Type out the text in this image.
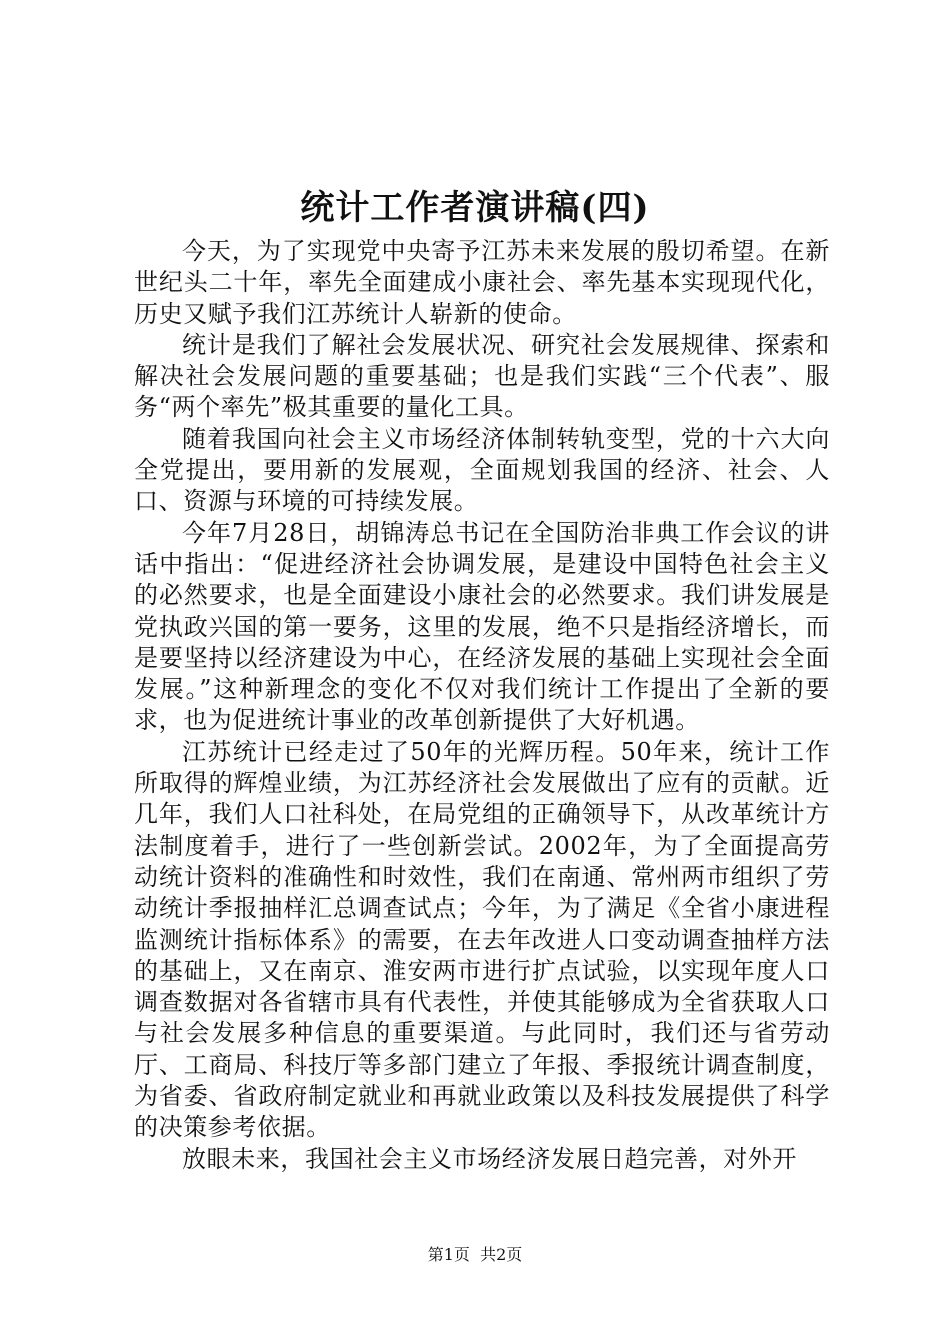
统计工作者演讲稿(四)

今天，为了实现党中央寄予江苏未来发展的殷切希望。在新世纪头二十年，率先全面建成小康社会、率先基本实现现代化，历史又赋予我们江苏统计人崭新的使命。

统计是我们了解社会发展状况、研究社会发展规律、探索和解决社会发展问题的重要基础；也是我们实践“三个代表”、服务“两个率先”极其重要的量化工具。

随着我国向社会主义市场经济体制转轨变型，党的十六大向全党提出，要用新的发展观，全面规划我国的经济、社会、人口、资源与环境的可持续发展。

今年7月28日，胡锦涛总书记在全国防治非典工作会议的讲话中指出：“促进经济社会协调发展，是建设中国特色社会主义的必然要求，也是全面建设小康社会的必然要求。我们讲发展是党执政兴国的第一要务，这里的发展，绝不只是指经济增长，而是要坚持以经济建设为中心，在经济发展的基础上实现社会全面发展。”这种新理念的变化不仅对我们统计工作提出了全新的要求，也为促进统计事业的改革创新提供了大好机遇。

江苏统计已经走过了50年的光辉历程。50年来，统计工作所取得的辉煌业绩，为江苏经济社会发展做出了应有的贡献。近几年，我们人口社科处，在局党组的正确领导下，从改革统计方法制度着手，进行了一些创新尝试。2002年，为了全面提高劳动统计资料的准确性和时效性，我们在南通、常州两市组织了劳动统计季报抽样汇总调查试点；今年，为了满足《全省小康进程监测统计指标体系》的需要，在去年改进人口变动调查抽样方法的基础上，又在南京、淮安两市进行扩点试验，以实现年度人口调查数据对各省辖市具有代表性，并使其能够成为全省获取人口与社会发展多种信息的重要渠道。与此同时，我们还与省劳动厅、工商局、科技厅等多部门建立了年报、季报统计调查制度，为省委、省政府制定就业和再就业政策以及科技发展提供了科学的决策参考依据。

放眼未来，我国社会主义市场经济发展日趋完善，对外开

第1页 共2页
